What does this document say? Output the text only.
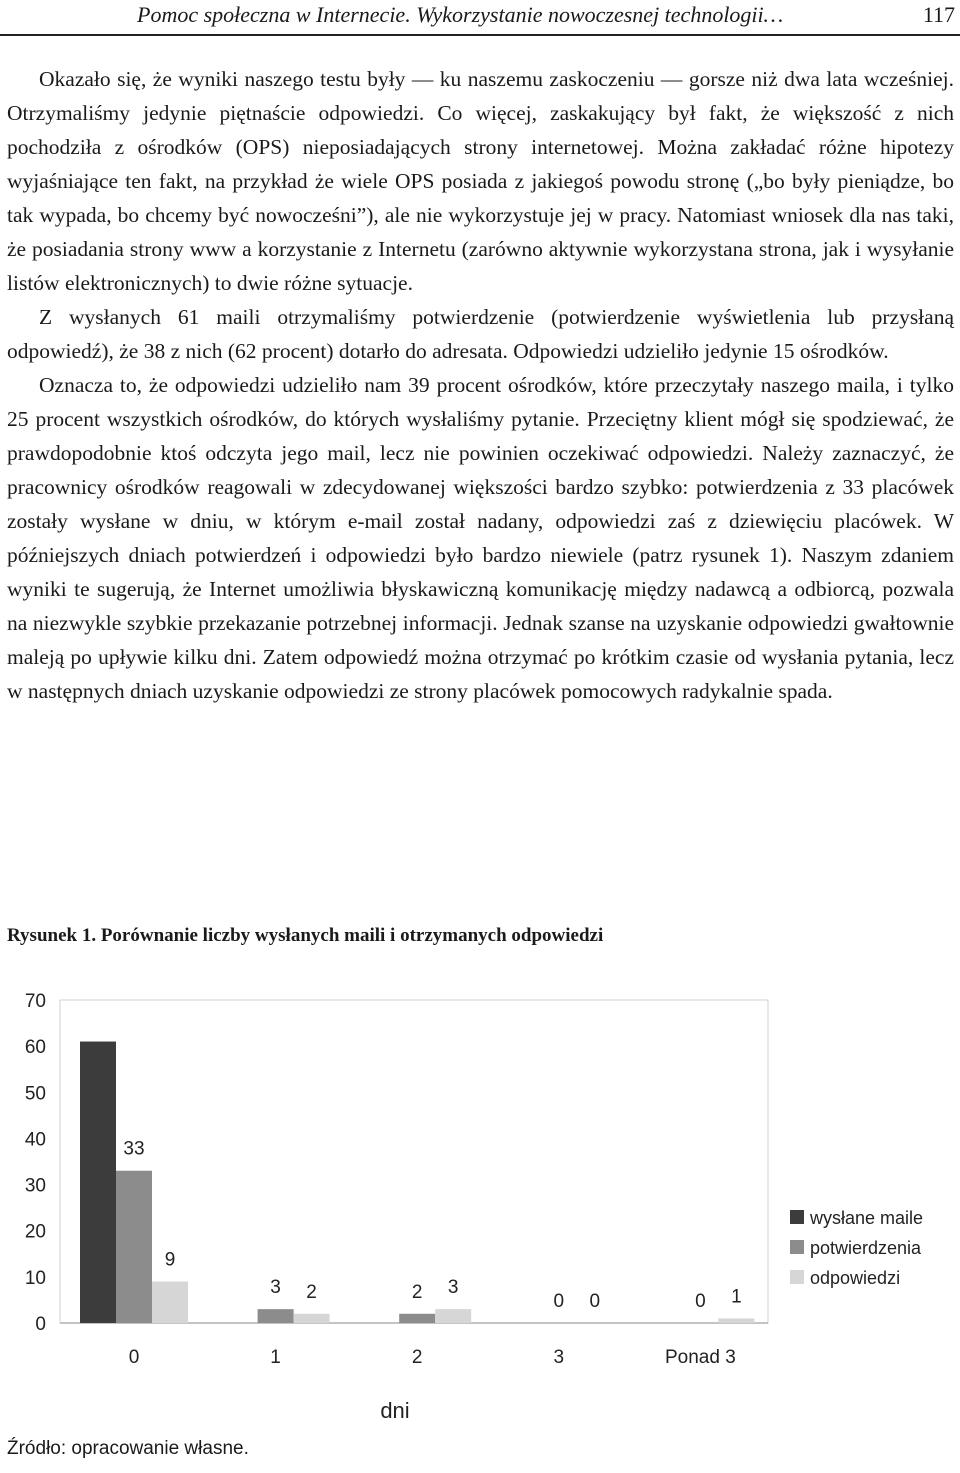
Pomoc społeczna w Internecie. Wykorzystanie nowoczesnej technologii…	117

Okazało się, że wyniki naszego testu były — ku naszemu zaskoczeniu — gorsze niż dwa lata wcześniej. Otrzymaliśmy jedynie piętnaście odpowiedzi. Co więcej, zaskakujący był fakt, że większość z nich pochodziła z ośrodków (OPS) nieposiadających strony internetowej. Można zakładać różne hipotezy wyjaśniające ten fakt, na przykład że wiele OPS posiada z jakiegoś powodu stronę („bo były pieniądze, bo tak wypada, bo chcemy być nowocześni”), ale nie wykorzystuje jej w pracy. Natomiast wniosek dla nas taki, że posiadania strony www a korzystanie z Internetu (zarówno aktywnie wykorzystana strona, jak i wysyłanie listów elektronicznych) to dwie różne sytuacje.

Z wysłanych 61 maili otrzymaliśmy potwierdzenie (potwierdzenie wyświetlenia lub przysłaną odpowiedź), że 38 z nich (62 procent) dotarło do adresata. Odpowiedzi udzieliło jedynie 15 ośrodków.

Oznacza to, że odpowiedzi udzieliło nam 39 procent ośrodków, które przeczytały naszego maila, i tylko 25 procent wszystkich ośrodków, do których wysłaliśmy pytanie. Przeciętny klient mógł się spodziewać, że prawdopodobnie ktoś odczyta jego mail, lecz nie powinien oczekiwać odpowiedzi. Należy zaznaczyć, że pracownicy ośrodków reagowali w zdecydowanej większości bardzo szybko: potwierdzenia z 33 placówek zostały wysłane w dniu, w którym e-mail został nadany, odpowiedzi zaś z dziewięciu placówek. W późniejszych dniach potwierdzeń i odpowiedzi było bardzo niewiele (patrz rysunek 1). Naszym zdaniem wyniki te sugerują, że Internet umożliwia błyskawiczną komunikację między nadawcą a odbiorcą, pozwala na niezwykle szybkie przekazanie potrzebnej informacji. Jednak szanse na uzyskanie odpowiedzi gwałtownie maleją po upływie kilku dni. Zatem odpowiedź można otrzymać po krótkim czasie od wysłania pytania, lecz w następnych dniach uzyskanie odpowiedzi ze strony placówek pomocowych radykalnie spada.

Rysunek 1. Porównanie liczby wysłanych maili i otrzymanych odpowiedzi
0
10
20
30
40
50
60
70
33
9
0
3 2
1
2 3
2
0 0
3
0 1
Ponad 3
dni
wysłane maile
potwierdzenia
odpowiedzi
Źródło: opracowanie własne.
